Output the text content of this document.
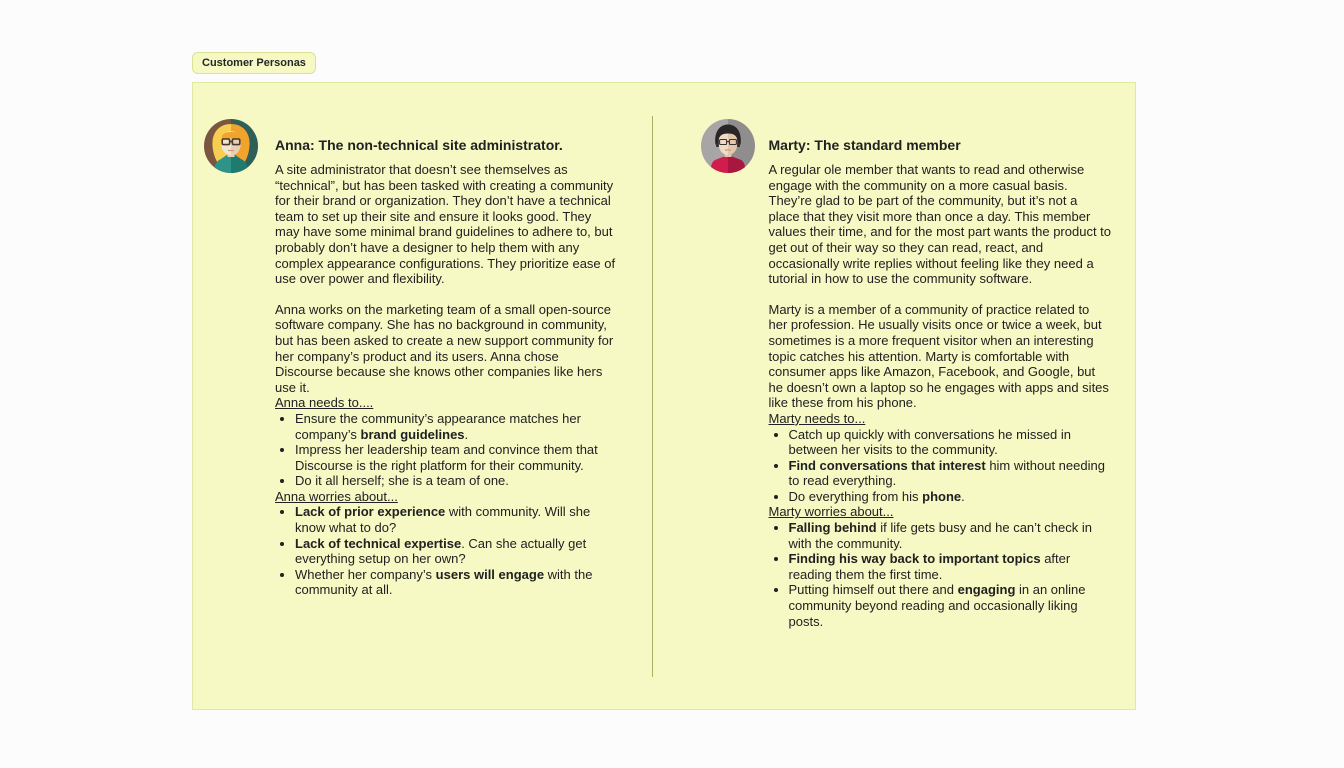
Customer Personas
Anna: The non-technical site administrator.

A site administrator that doesn’t see themselves as “technical”, but has been tasked with creating a community for their brand or organization. They don’t have a technical team to set up their site and ensure it looks good. They may have some minimal brand guidelines to adhere to, but probably don’t have a designer to help them with any complex appearance configurations. They prioritize ease of use over power and flexibility.

Anna works on the marketing team of a small open-source software company. She has no background in community, but has been asked to create a new support community for her company’s product and its users. Anna chose Discourse because she knows other companies like hers use it.

Anna needs to....
• Ensure the community’s appearance matches her company’s brand guidelines.
• Impress her leadership team and convince them that Discourse is the right platform for their community.
• Do it all herself; she is a team of one.
Anna worries about...
• Lack of prior experience with community. Will she know what to do?
• Lack of technical expertise. Can she actually get everything setup on her own?
• Whether her company’s users will engage with the community at all.
Marty: The standard member

A regular ole member that wants to read and otherwise engage with the community on a more casual basis. They’re glad to be part of the community, but it’s not a place that they visit more than once a day. This member values their time, and for the most part wants the product to get out of their way so they can read, react, and occasionally write replies without feeling like they need a tutorial in how to use the community software.

Marty is a member of a community of practice related to her profession. He usually visits once or twice a week, but sometimes is a more frequent visitor when an interesting topic catches his attention. Marty is comfortable with consumer apps like Amazon, Facebook, and Google, but he doesn’t own a laptop so he engages with apps and sites like these from his phone.

Marty needs to...
• Catch up quickly with conversations he missed in between her visits to the community.
• Find conversations that interest him without needing to read everything.
• Do everything from his phone.
Marty worries about...
• Falling behind if life gets busy and he can’t check in with the community.
• Finding his way back to important topics after reading them the first time.
• Putting himself out there and engaging in an online community beyond reading and occasionally liking posts.
